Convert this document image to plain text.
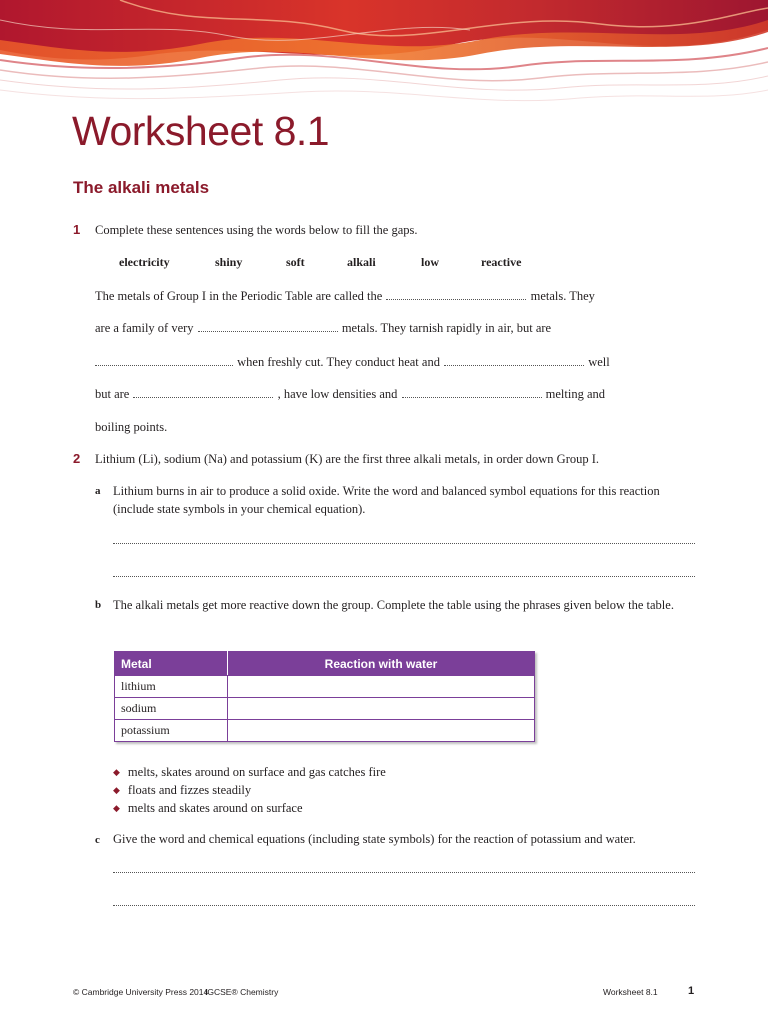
Worksheet 8.1
The alkali metals
1 Complete these sentences using the words below to fill the gaps.
electricity	shiny	soft	alkali	low	reactive
The metals of Group I in the Periodic Table are called the	metals. They
are a family of very	metals. They tarnish rapidly in air, but are
when freshly cut. They conduct heat and	well
but are	, have low densities and	melting and
boiling points.
2 Lithium (Li), sodium (Na) and potassium (K) are the first three alkali metals, in order down Group I.
a Lithium burns in air to produce a solid oxide. Write the word and balanced symbol equations for this reaction (include state symbols in your chemical equation).
b The alkali metals get more reactive down the group. Complete the table using the phrases given below the table.
Metal	Reaction with water
lithium	
sodium	
potassium	
◆ melts, skates around on surface and gas catches fire
◆ floats and fizzes steadily
◆ melts and skates around on surface
c Give the word and chemical equations (including state symbols) for the reaction of potassium and water.
© Cambridge University Press 2014
IGCSE® Chemistry	Worksheet 8.1	1
